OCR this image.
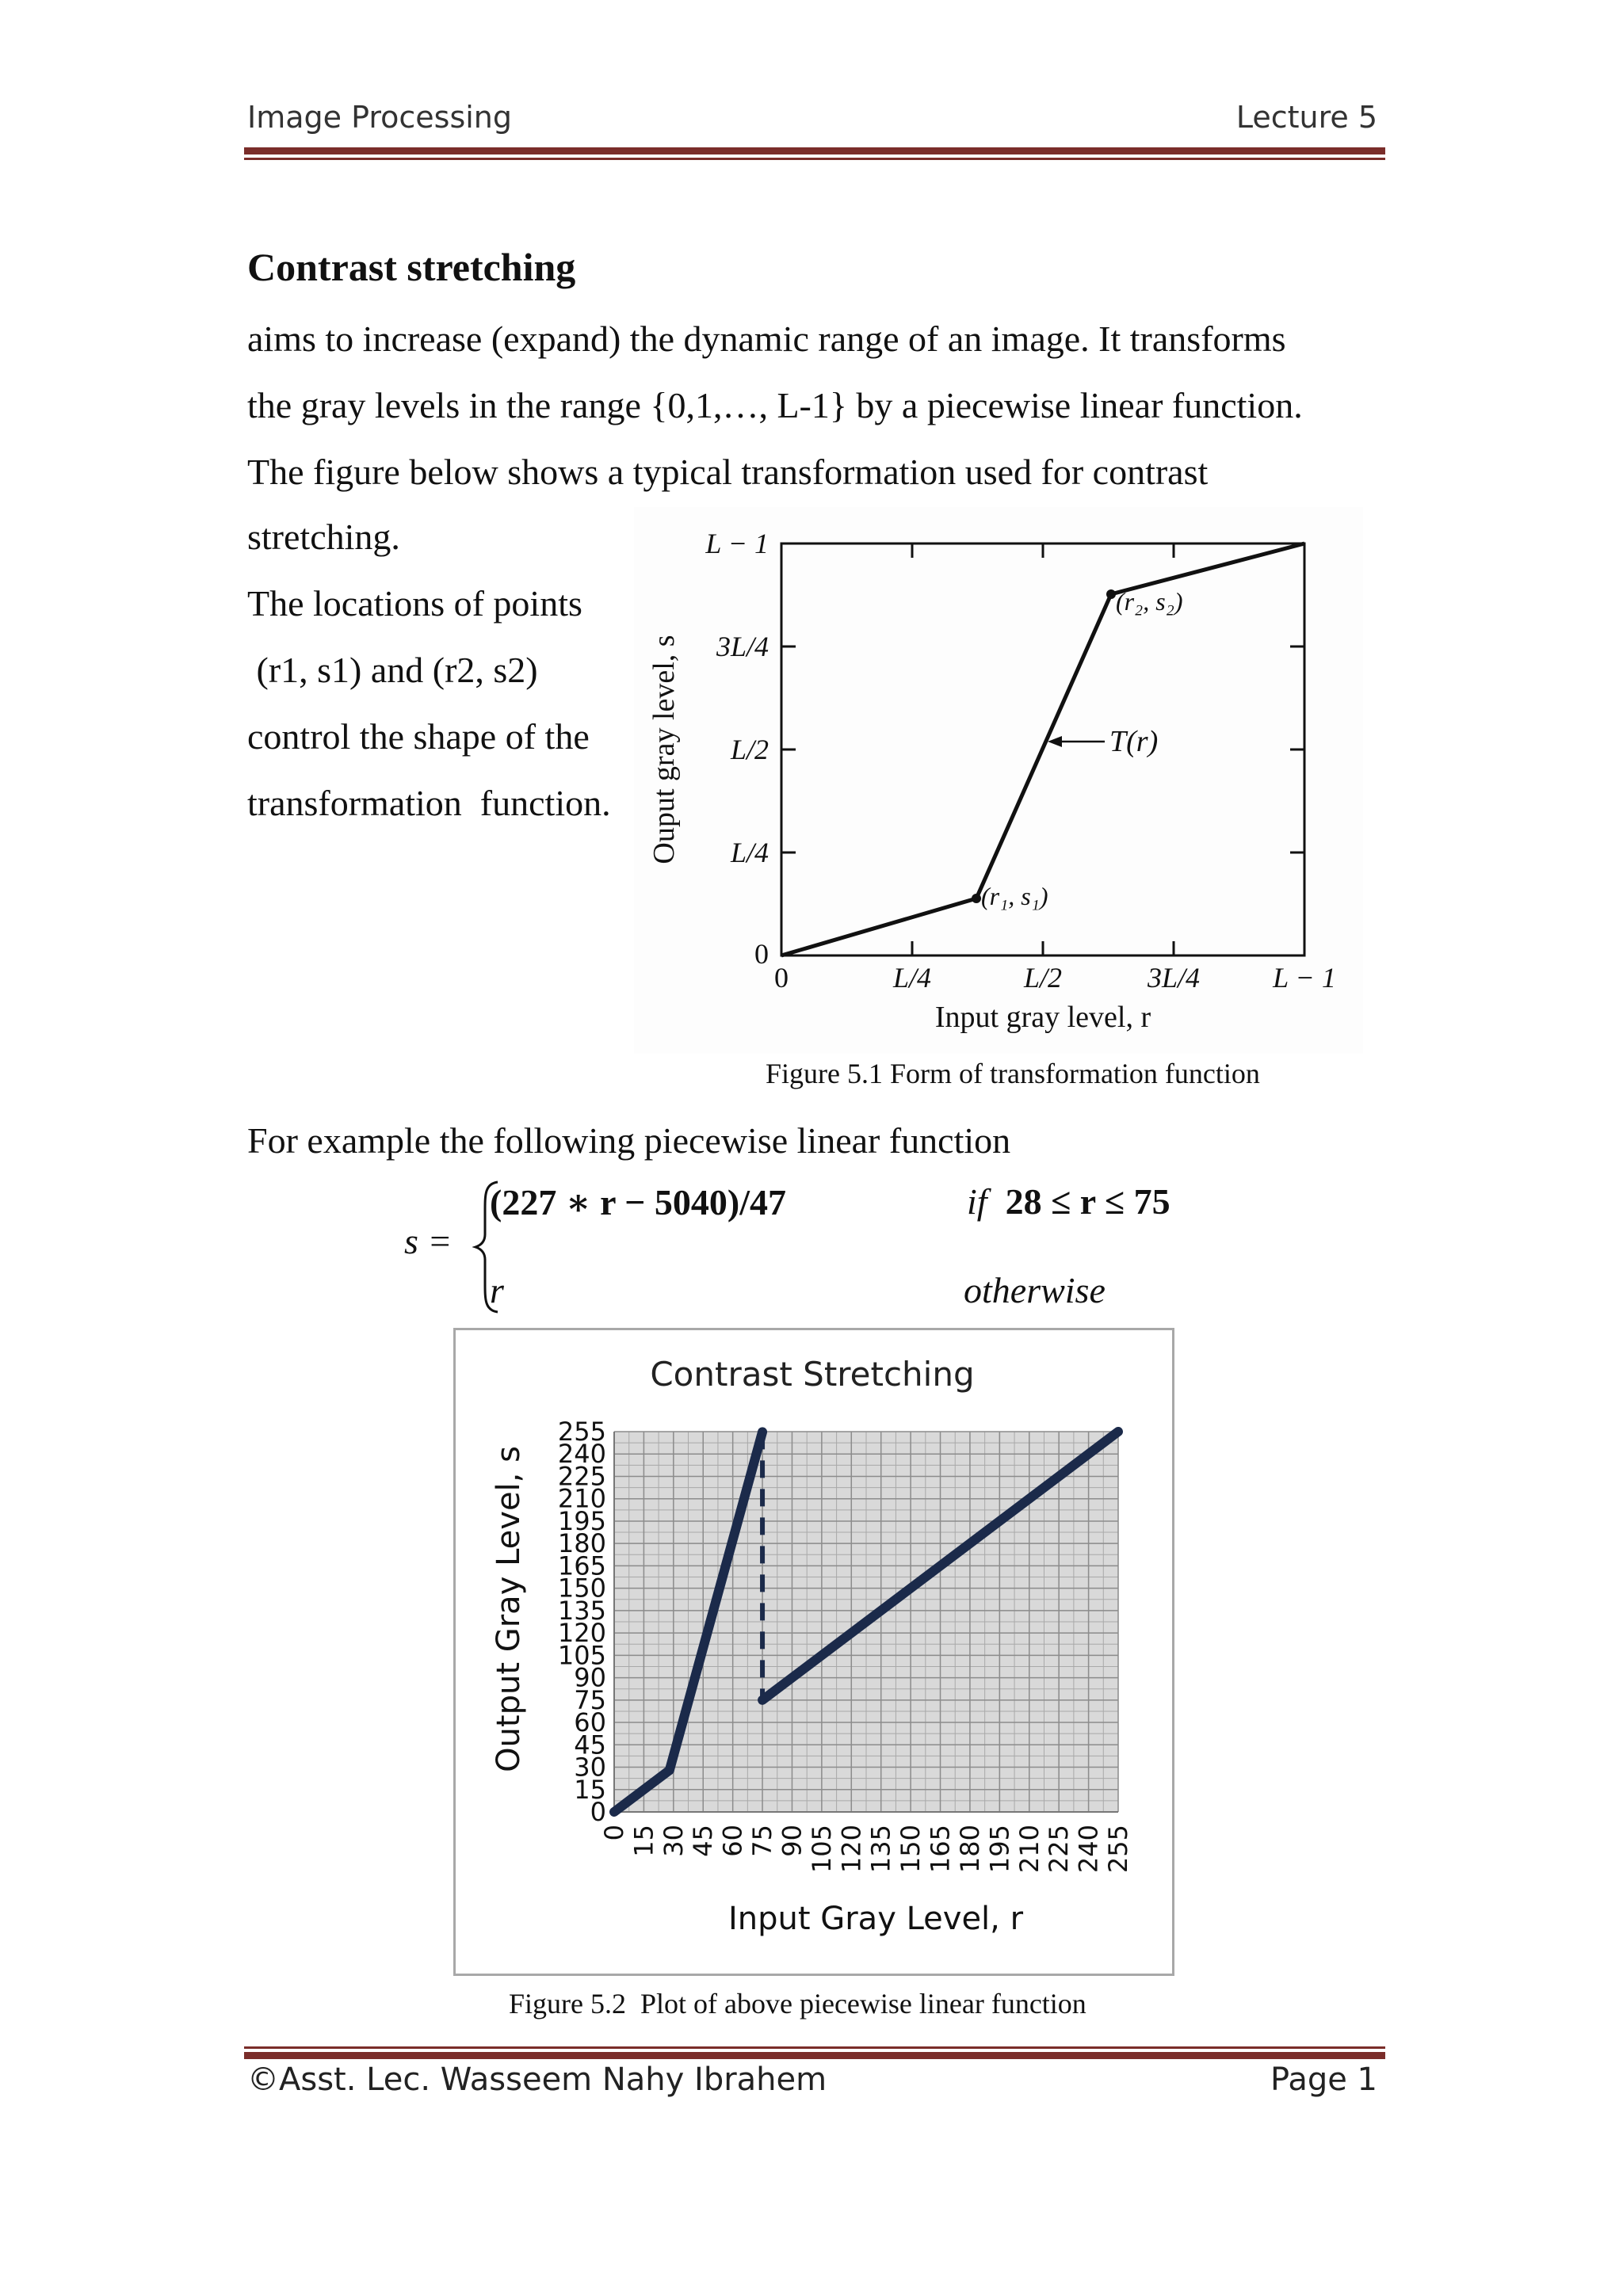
Image Processing	Lecture 5
Contrast stretching
aims to increase (expand) the dynamic range of an image. It transforms
the gray levels in the range {0,1,…, L-1} by a piecewise linear function.
The figure below shows a typical transformation used for contrast
stretching.
The locations of points
(r1, s1) and (r2, s2)
control the shape of the
transformation  function.
(r₂, s₂)
(r₁, s₁)
T(r)
L − 1
3L/4
L/2
L/4
0
0	L/4	L/2	3L/4	L − 1
Input gray level, r
Ouput gray level, s
Figure 5.1 Form of transformation function
For example the following piecewise linear function
s =
(227 ∗ r − 5040)/47	if 28 ≤ r ≤ 75
r	otherwise
Contrast Stretching
0 15 30 45 60 75 90 105 120 135 150 165 180 195 210 225 240 255
0
15
30
45
60
75
90
105
120
135
150
165
180
195
210
225
240
255
Input Gray Level, r
Output Gray Level, s
Figure 5.2  Plot of above piecewise linear function
©Asst. Lec. Wasseem Nahy Ibrahem	Page 1
